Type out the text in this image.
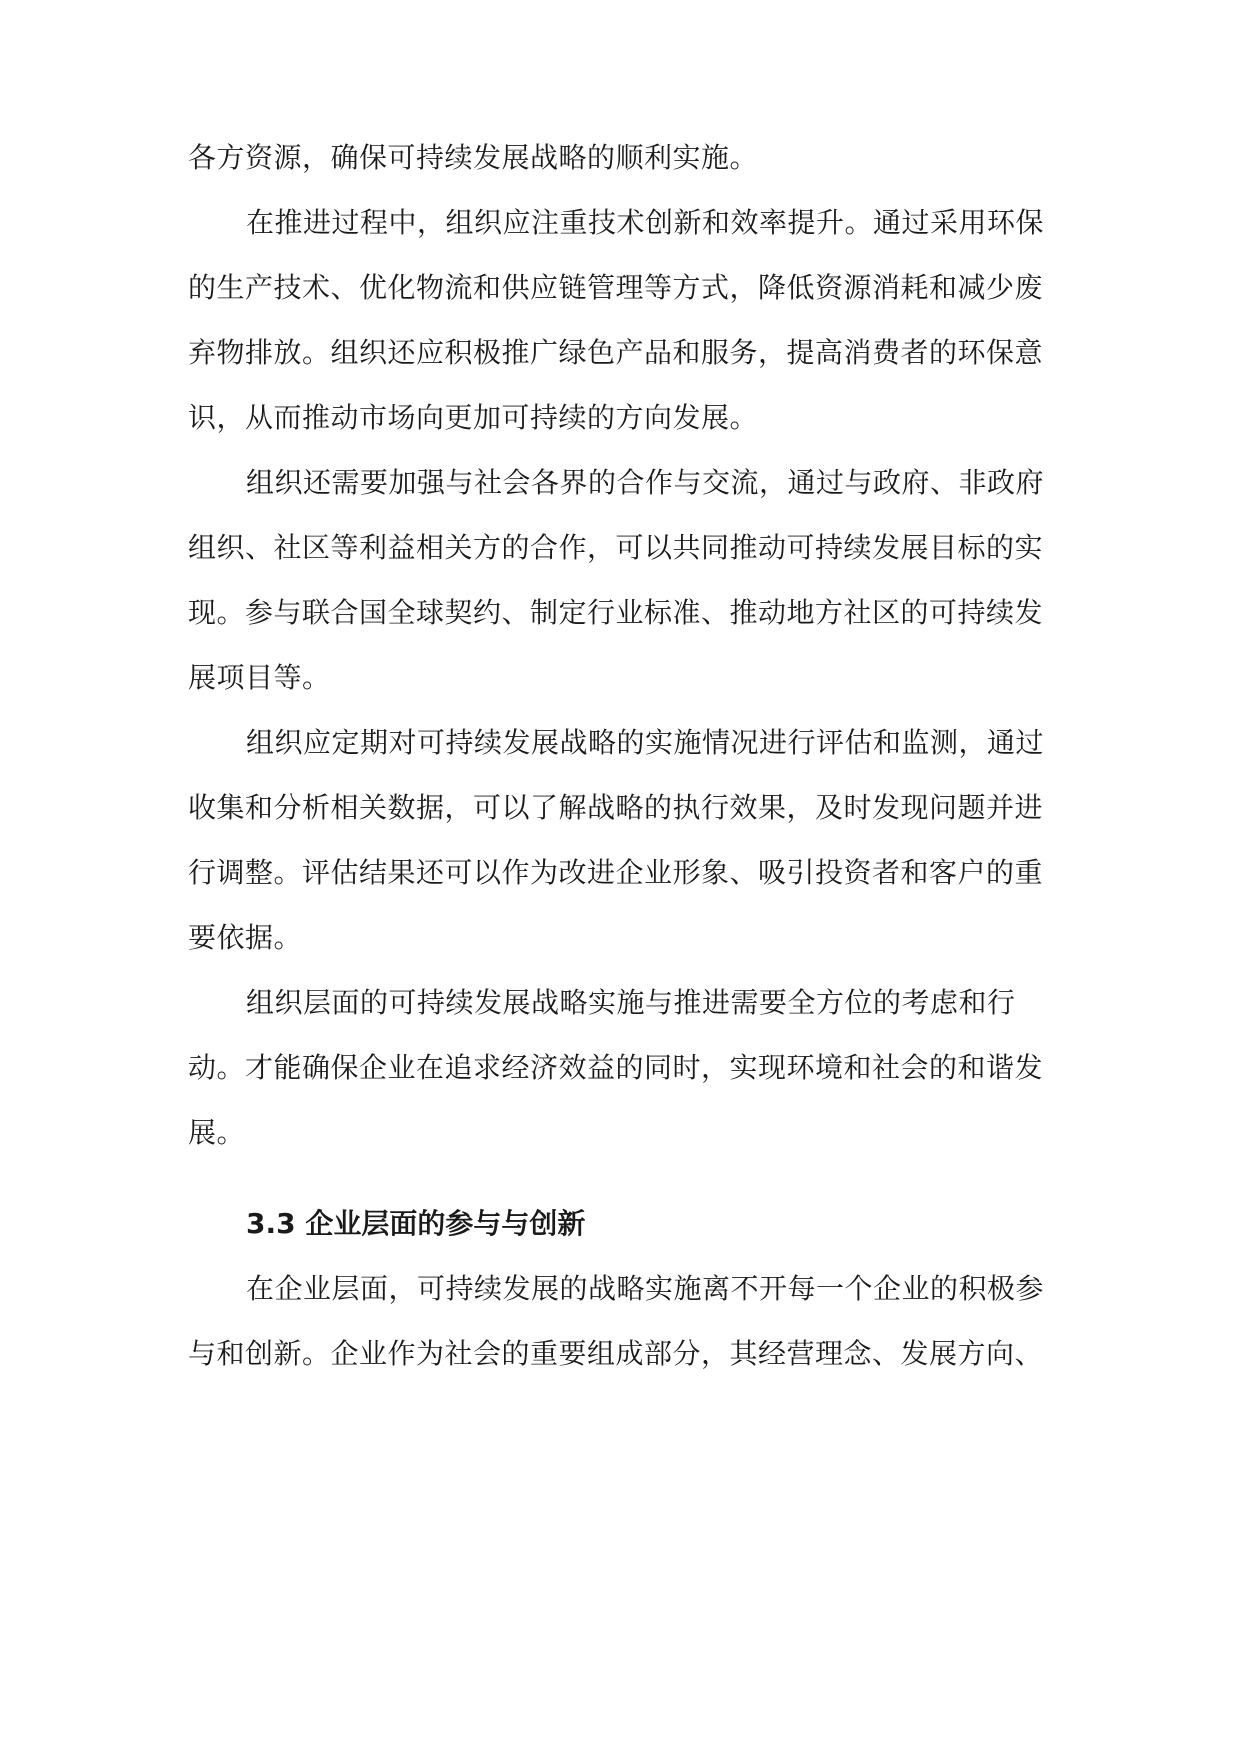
各方资源，确保可持续发展战略的顺利实施。
在推进过程中，组织应注重技术创新和效率提升。通过采用环保
的生产技术、优化物流和供应链管理等方式，降低资源消耗和减少废
弃物排放。组织还应积极推广绿色产品和服务，提高消费者的环保意
识，从而推动市场向更加可持续的方向发展。
组织还需要加强与社会各界的合作与交流，通过与政府、非政府
组织、社区等利益相关方的合作，可以共同推动可持续发展目标的实
现。参与联合国全球契约、制定行业标准、推动地方社区的可持续发
展项目等。
组织应定期对可持续发展战略的实施情况进行评估和监测，通过
收集和分析相关数据，可以了解战略的执行效果，及时发现问题并进
行调整。评估结果还可以作为改进企业形象、吸引投资者和客户的重
要依据。
组织层面的可持续发展战略实施与推进需要全方位的考虑和行
动。才能确保企业在追求经济效益的同时，实现环境和社会的和谐发
展。
3.3 企业层面的参与与创新
在企业层面，可持续发展的战略实施离不开每一个企业的积极参
与和创新。企业作为社会的重要组成部分，其经营理念、发展方向、
